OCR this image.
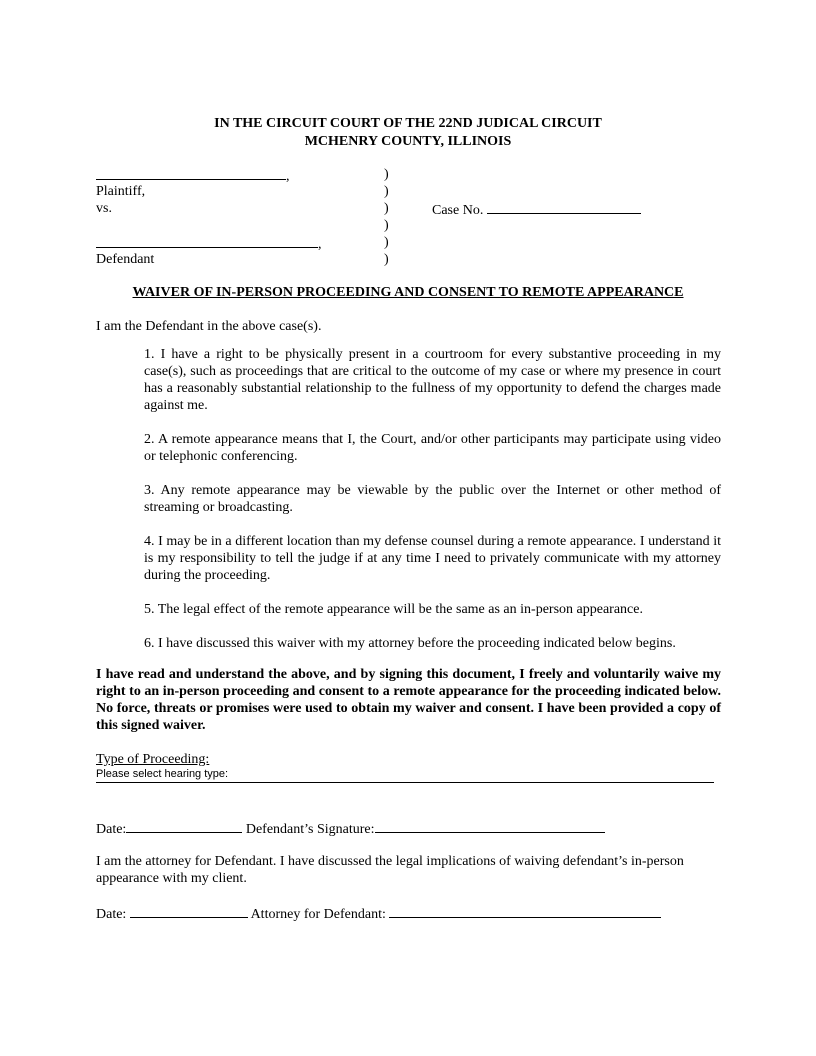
IN THE CIRCUIT COURT OF THE 22ND JUDICAL CIRCUIT
MCHENRY COUNTY, ILLINOIS
,	)
Plaintiff,	)
vs.	)	Case No.
)
,	)
Defendant	)
WAIVER OF IN-PERSON PROCEEDING AND CONSENT TO REMOTE APPEARANCE
I am the Defendant in the above case(s).

1. I have a right to be physically present in a courtroom for every substantive proceeding in my case(s), such as proceedings that are critical to the outcome of my case or where my presence in court has a reasonably substantial relationship to the fullness of my opportunity to defend the charges made against me.

2. A remote appearance means that I, the Court, and/or other participants may participate using video or telephonic conferencing.

3. Any remote appearance may be viewable by the public over the Internet or other method of streaming or broadcasting.

4. I may be in a different location than my defense counsel during a remote appearance. I understand it is my responsibility to tell the judge if at any time I need to privately communicate with my attorney during the proceeding.

5. The legal effect of the remote appearance will be the same as an in-person appearance.

6. I have discussed this waiver with my attorney before the proceeding indicated below begins.

I have read and understand the above, and by signing this document, I freely and voluntarily waive my right to an in-person proceeding and consent to a remote appearance for the proceeding indicated below. No force, threats or promises were used to obtain my waiver and consent. I have been provided a copy of this signed waiver.
Type of Proceeding:
Please select hearing type:
Date:	Defendant’s Signature:
I am the attorney for Defendant. I have discussed the legal implications of waiving defendant’s in-person appearance with my client.
Date:	Attorney for Defendant:
